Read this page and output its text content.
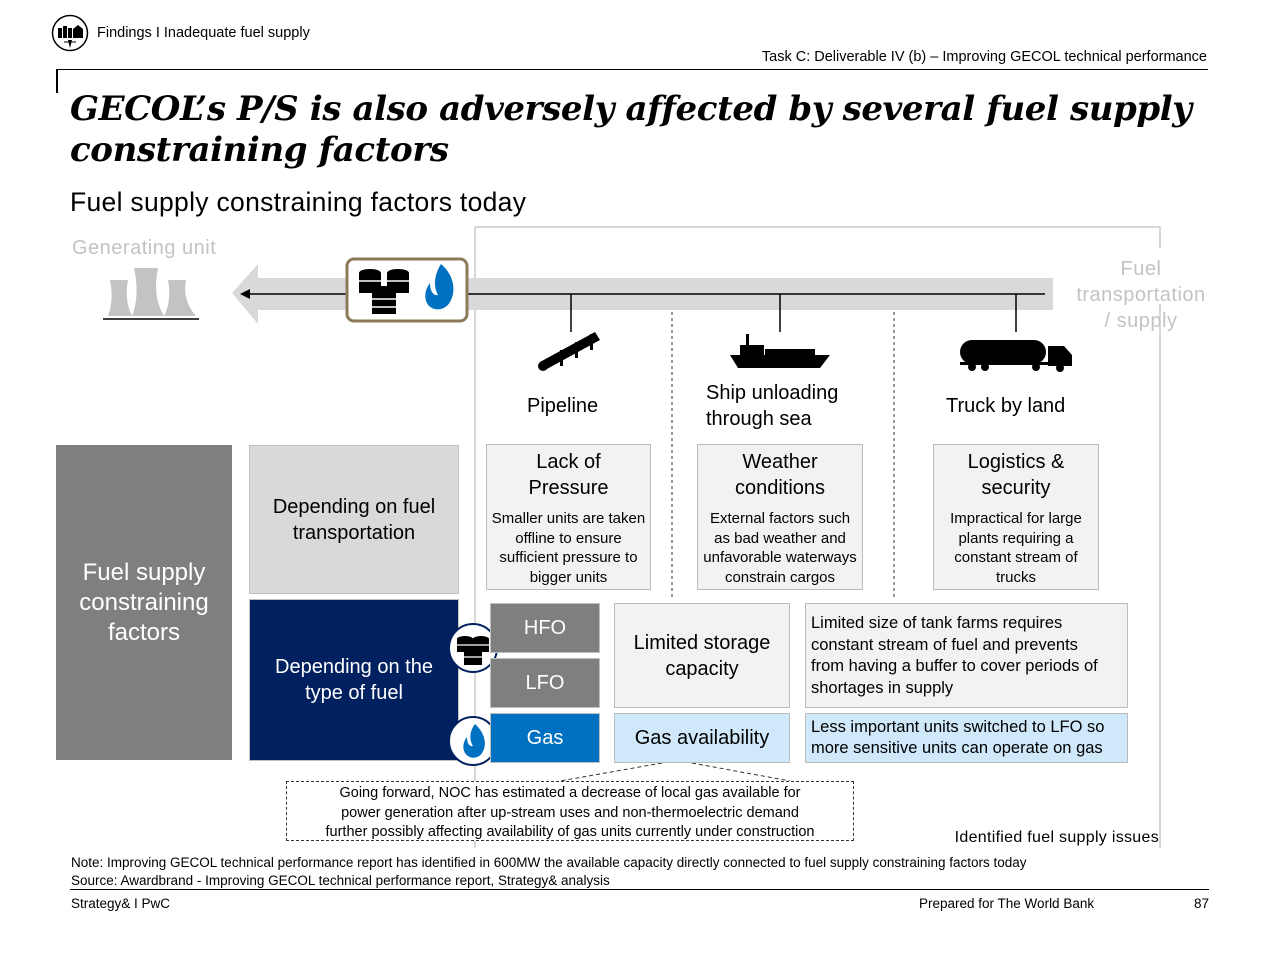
Findings I Inadequate fuel supply
Task C: Deliverable IV (b) – Improving GECOL technical performance
GECOL’s P/S is also adversely affected by several fuel supply
constraining factors
Fuel supply constraining factors today
Generating unit
Fuel
transportation
/ supply
Pipeline
Ship unloading
through sea
Truck by land
Lack of
Pressure
Smaller units are taken
offline to ensure
sufficient pressure to
bigger units
Weather
conditions
External factors such
as bad weather and
unfavorable waterways
constrain cargos
Logistics &
security
Impractical for large
plants requiring a
constant stream of
trucks
Fuel supply
constraining
factors
Depending on fuel
transportation
Depending on the
type of fuel
HFO
LFO
Gas
Limited storage
capacity
Limited size of tank farms requires
constant stream of fuel and prevents
from having a buffer to cover periods of
shortages in supply
Gas availability	Less important units switched to LFO so
more sensitive units can operate on gas
Going forward, NOC has estimated a decrease of local gas available for
power generation after up-stream uses and non-thermoelectric demand
further possibly affecting availability of gas units currently under construction	Identified fuel supply issues
Note: Improving GECOL technical performance report has identified in 600MW the available capacity directly connected to fuel supply constraining factors today
Source: Awardbrand - Improving GECOL technical performance report, Strategy& analysis
Strategy& I PwC	Prepared for The World Bank	87
